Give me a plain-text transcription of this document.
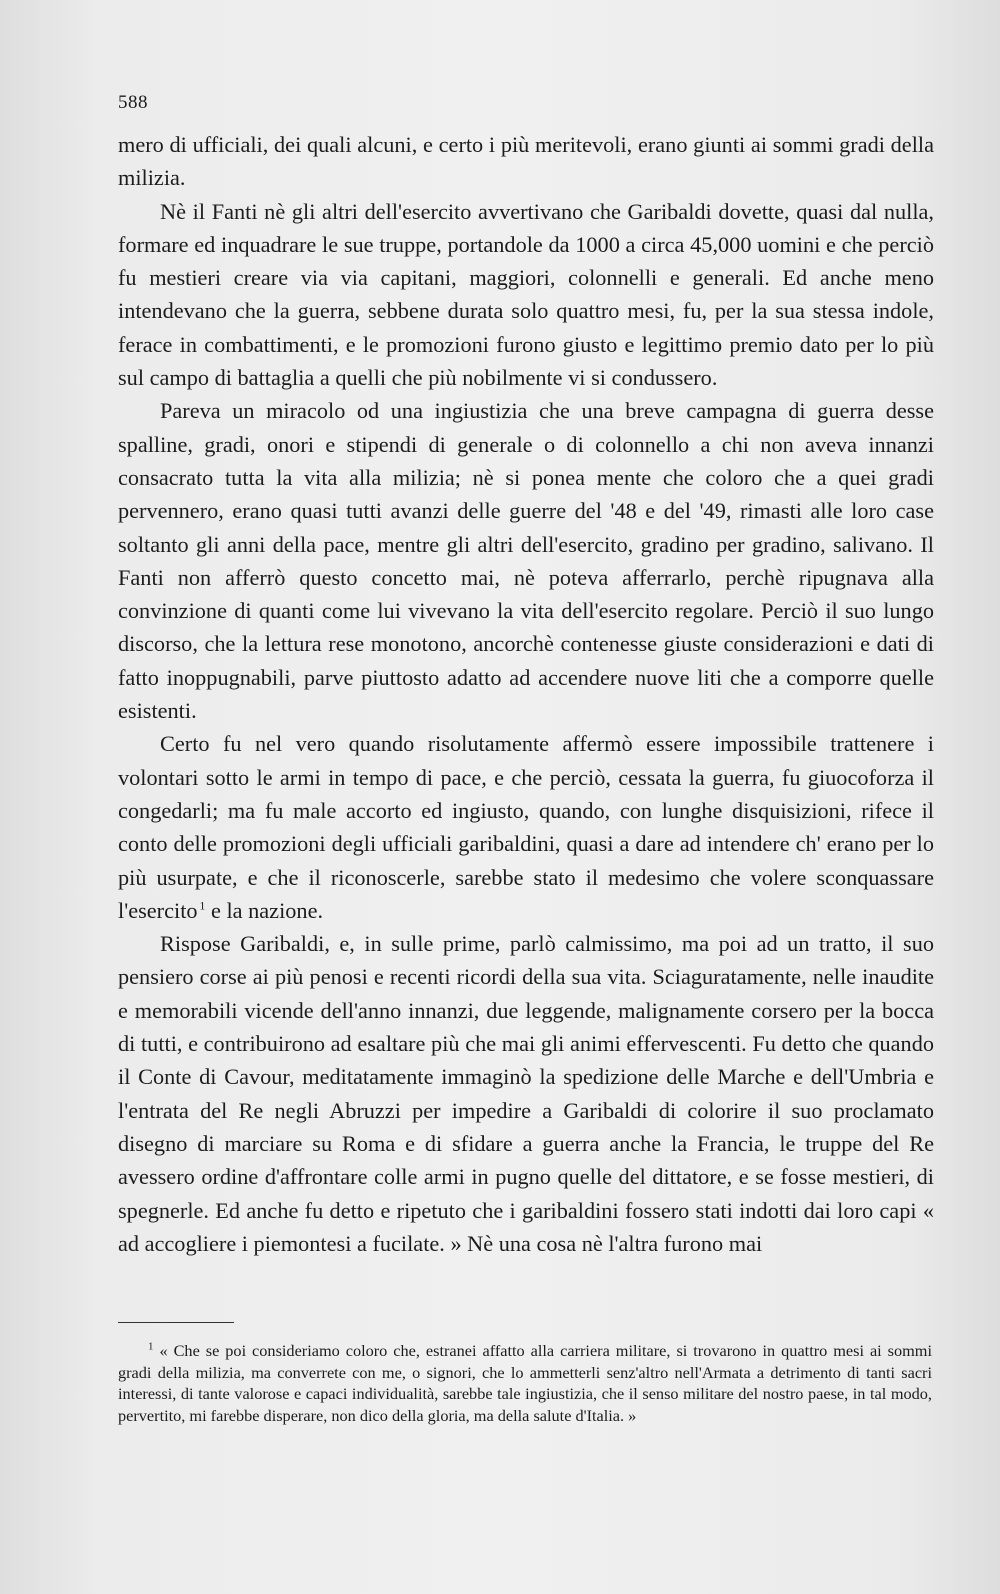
588

mero di ufficiali, dei quali alcuni, e certo i più meritevoli, erano giunti ai sommi gradi della milizia.

Nè il Fanti nè gli altri dell'esercito avvertivano che Garibaldi dovette, quasi dal nulla, formare ed inquadrare le sue truppe, portandole da 1000 a circa 45,000 uomini e che perciò fu mestieri creare via via capitani, maggiori, colonnelli e generali. Ed anche meno intendevano che la guerra, sebbene durata solo quattro mesi, fu, per la sua stessa indole, ferace in combattimenti, e le promozioni furono giusto e legittimo premio dato per lo più sul campo di battaglia a quelli che più nobilmente vi si condussero.

Pareva un miracolo od una ingiustizia che una breve campagna di guerra desse spalline, gradi, onori e stipendi di generale o di colonnello a chi non aveva innanzi consacrato tutta la vita alla milizia; nè si ponea mente che coloro che a quei gradi pervennero, erano quasi tutti avanzi delle guerre del '48 e del '49, rimasti alle loro case soltanto gli anni della pace, mentre gli altri dell'esercito, gradino per gradino, salivano. Il Fanti non afferrò questo concetto mai, nè poteva afferrarlo, perchè ripugnava alla convinzione di quanti come lui vivevano la vita dell'esercito regolare. Perciò il suo lungo discorso, che la lettura rese monotono, ancorchè contenesse giuste considerazioni e dati di fatto inoppugnabili, parve piuttosto adatto ad accendere nuove liti che a comporre quelle esistenti.

Certo fu nel vero quando risolutamente affermò essere impossibile trattenere i volontari sotto le armi in tempo di pace, e che perciò, cessata la guerra, fu giuocoforza il congedarli; ma fu male accorto ed ingiusto, quando, con lunghe disquisizioni, rifece il conto delle promozioni degli ufficiali garibaldini, quasi a dare ad intendere ch' erano per lo più usurpate, e che il riconoscerle, sarebbe stato il medesimo che volere sconquassare l'esercito  $^1$ e la nazione.

Rispose Garibaldi, e, in sulle prime, parlò calmissimo, ma poi ad un tratto, il suo pensiero corse ai più penosi e recenti ricordi della sua vita. Sciaguratamente, nelle inaudite e memorabili vicende dell'anno innanzi, due leggende, malignamente corsero per la bocca di tutti, e contribuirono ad esaltare più che mai gli animi effervescenti. Fu detto che quando il Conte di Cavour, meditatamente immaginò la spedizione delle Marche e dell'Umbria e l'entrata del Re negli Abruzzi per impedire a Garibaldi di colorire il suo proclamato disegno di marciare su Roma e di sfidare a guerra anche la Francia, le truppe del Re avessero ordine d'affrontare colle armi in pugno quelle del dittatore, e se fosse mestieri, di spegnerle. Ed anche fu detto e ripetuto che i garibaldini fossero stati indotti dai loro capi « ad accogliere i piemontesi a fucilate. » Nè una cosa nè l'altra furono mai

$^1$ « Che se poi consideriamo coloro che, estranei affatto alla carriera militare, si trovarono in quattro mesi ai sommi gradi della milizia, ma converrete con me, o signori, che lo ammetterli senz'altro nell'Armata a detrimento di tanti sacri interessi, di tante valorose e capaci individualità, sarebbe tale ingiustizia, che il senso militare del nostro paese, in tal modo, pervertito, mi farebbe disperare, non dico della gloria, ma della salute d'Italia. »
